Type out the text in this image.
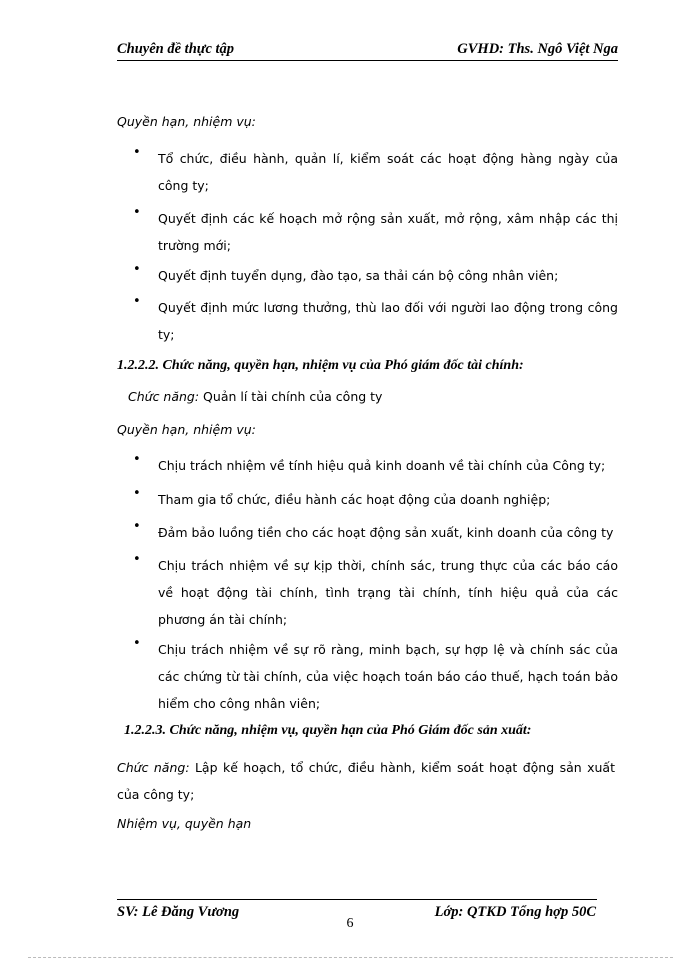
Chuyên đề thực tập	GVHD: Ths. Ngô Việt Nga
Quyền hạn, nhiệm vụ:
• Tổ chức, điều hành, quản lí, kiểm soát các hoạt động hàng ngày của công ty;
• Quyết định các kế hoạch mở rộng sản xuất, mở rộng, xâm nhập các thị trường mới;
• Quyết định tuyển dụng, đào tạo, sa thải cán bộ công nhân viên;
• Quyết định mức lương thưởng, thù lao đối với người lao động trong công ty;
1.2.2.2. Chức năng, quyền hạn, nhiệm vụ của Phó giám đốc tài chính:
Chức năng: Quản lí tài chính của công ty
Quyền hạn, nhiệm vụ:
• Chịu trách nhiệm về tính hiệu quả kinh doanh về tài chính của Công ty;
• Tham gia tổ chức, điều hành các hoạt động của doanh nghiệp;
• Đảm bảo luồng tiền cho các hoạt động sản xuất, kinh doanh của công ty
• Chịu trách nhiệm về sự kịp thời, chính sác, trung thực của các báo cáo về hoạt động tài chính, tình trạng tài chính, tính hiệu quả của các phương án tài chính;
• Chịu trách nhiệm về sự rõ ràng, minh bạch, sự hợp lệ và chính sác của các chứng từ tài chính, của việc hoạch toán báo cáo thuế, hạch toán bảo hiểm cho công nhân viên;
1.2.2.3. Chức năng, nhiệm vụ, quyền hạn của Phó Giám đốc sản xuất:
Chức năng: Lập kế hoạch, tổ chức, điều hành, kiểm soát hoạt động sản xuất của công ty;
Nhiệm vụ, quyền hạn
SV: Lê Đăng Vương	Lớp: QTKD Tổng hợp 50C
6
